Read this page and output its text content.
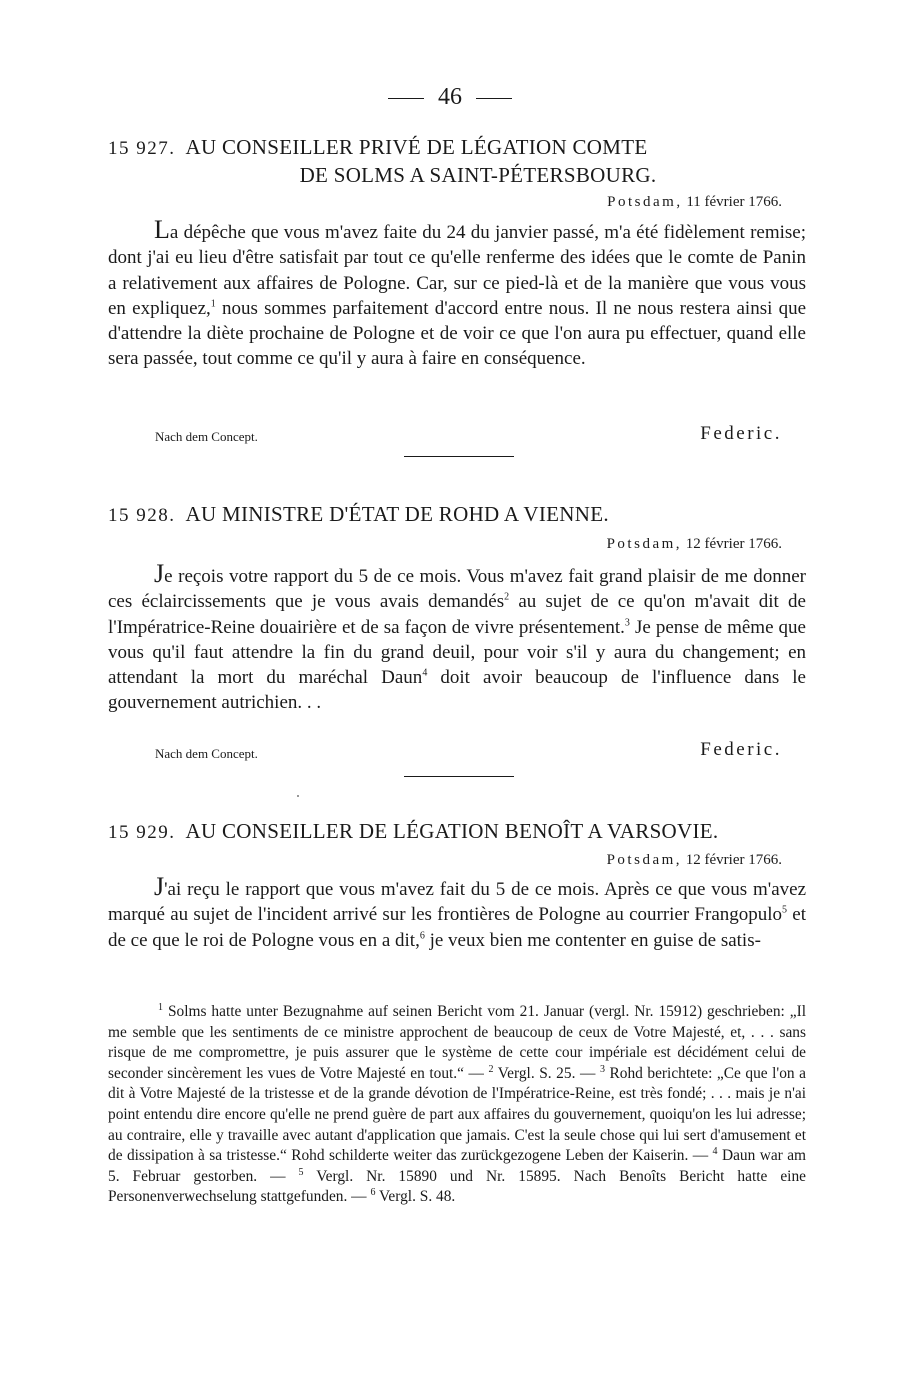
46
15 927. AU CONSEILLER PRIVÉ DE LÉGATION COMTE
DE SOLMS A SAINT-PÉTERSBOURG.
Potsdam, 11 février 1766.
La dépêche que vous m'avez faite du 24 du janvier passé, m'a été fidèlement remise; dont j'ai eu lieu d'être satisfait par tout ce qu'elle renferme des idées que le comte de Panin a relativement aux affaires de Pologne. Car, sur ce pied-là et de la manière que vous vous en expliquez,$^1$ nous sommes parfaitement d'accord entre nous. Il ne nous restera ainsi que d'attendre la diète prochaine de Pologne et de voir ce que l'on aura pu effectuer, quand elle sera passée, tout comme ce qu'il y aura à faire en conséquence.
Nach dem Concept.	Federic.
15 928. AU MINISTRE D'ÉTAT DE ROHD A VIENNE.
Potsdam, 12 février 1766.
Je reçois votre rapport du 5 de ce mois. Vous m'avez fait grand plaisir de me donner ces éclaircissements que je vous avais demandés$^2$ au sujet de ce qu'on m'avait dit de l'Impératrice-Reine douairière et de sa façon de vivre présentement.$^3$ Je pense de même que vous qu'il faut attendre la fin du grand deuil, pour voir s'il y aura du changement; en attendant la mort du maréchal Daun$^4$ doit avoir beaucoup de l'influence dans le gouvernement autrichien. . .
Nach dem Concept.	Federic.
15 929. AU CONSEILLER DE LÉGATION BENOÎT A VARSOVIE.
Potsdam, 12 février 1766.
J'ai reçu le rapport que vous m'avez fait du 5 de ce mois. Après ce que vous m'avez marqué au sujet de l'incident arrivé sur les frontières de Pologne au courrier Frangopulo$^5$ et de ce que le roi de Pologne vous en a dit,$^6$ je veux bien me contenter en guise de satis-

$^1$ Solms hatte unter Bezugnahme auf seinen Bericht vom 21. Januar (vergl. Nr. 15912) geschrieben: „Il me semble que les sentiments de ce ministre approchent de beaucoup de ceux de Votre Majesté, et, . . . sans risque de me compromettre, je puis assurer que le système de cette cour impériale est décidément celui de seconder sincèrement les vues de Votre Majesté en tout.“ — $^2$ Vergl. S. 25. — $^3$ Rohd berichtete: „Ce que l'on a dit à Votre Majesté de la tristesse et de la grande dévotion de l'Impératrice-Reine, est très fondé; . . . mais je n'ai point entendu dire encore qu'elle ne prend guère de part aux affaires du gouvernement, quoiqu'on les lui adresse; au contraire, elle y travaille avec autant d'application que jamais. C'est la seule chose qui lui sert d'amusement et de dissipation à sa tristesse.“ Rohd schilderte weiter das zurückgezogene Leben der Kaiserin. — $^4$ Daun war am 5. Februar gestorben. — $^5$ Vergl. Nr. 15890 und Nr. 15895. Nach Benoîts Bericht hatte eine Personenverwechselung stattgefunden. — $^6$ Vergl. S. 48.
